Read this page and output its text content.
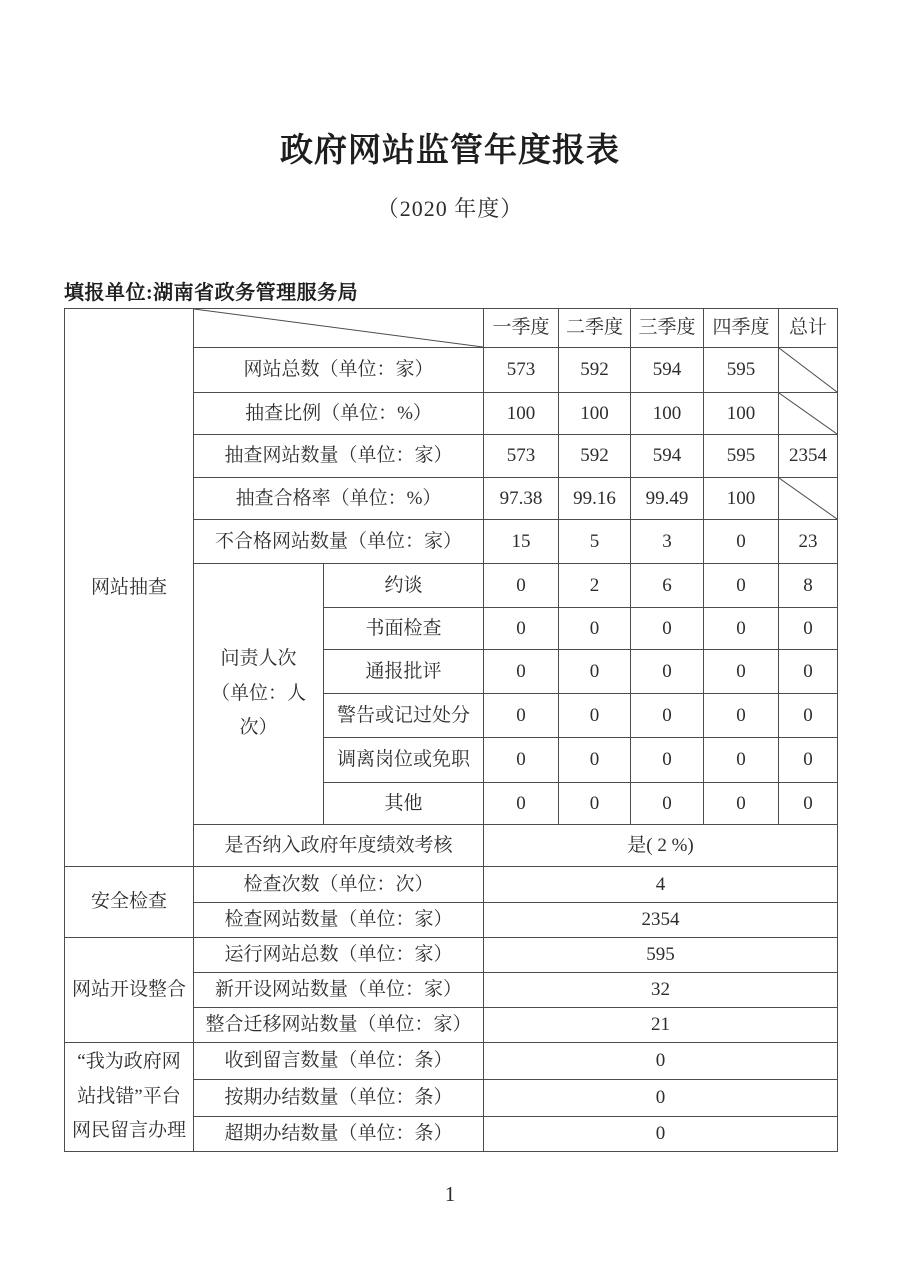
政府网站监管年度报表
（2020 年度）
填报单位:湖南省政务管理服务局
网站抽查			一季度	二季度	三季度	四季度	总计
	网站总数（单位：家）		573	592	594	595	

	抽查比例（单位：%）		100	100	100	100	

	抽查网站数量（单位：家）		573	592	594	595	2354
	抽查合格率（单位：%）		97.38	99.16	99.49	100	

	不合格网站数量（单位：家）		15	5	3	0	23

	问责人次
（单位：人
次）	约谈	0	2	6	0	8
		书面检查	0	0	0	0	0
		通报批评	0	0	0	0	0
		警告或记过处分	0	0	0	0	0
		调离岗位或免职	0	0	0	0	0
		其他	0	0	0	0	0
	是否纳入政府年度绩效考核		是( 2 %)				
安全检查	检查次数（单位：次）		4				
	检查网站数量（单位：家）		2354				
网站开设整合	运行网站总数（单位：家）		595				
	新开设网站数量（单位：家）		32				
	整合迁移网站数量（单位：家）		21				

“我为政府网
站找错”平台
网民留言办理	收到留言数量（单位：条）		0				
	按期办结数量（单位：条）		0				
	超期办结数量（单位：条）		0				
1
